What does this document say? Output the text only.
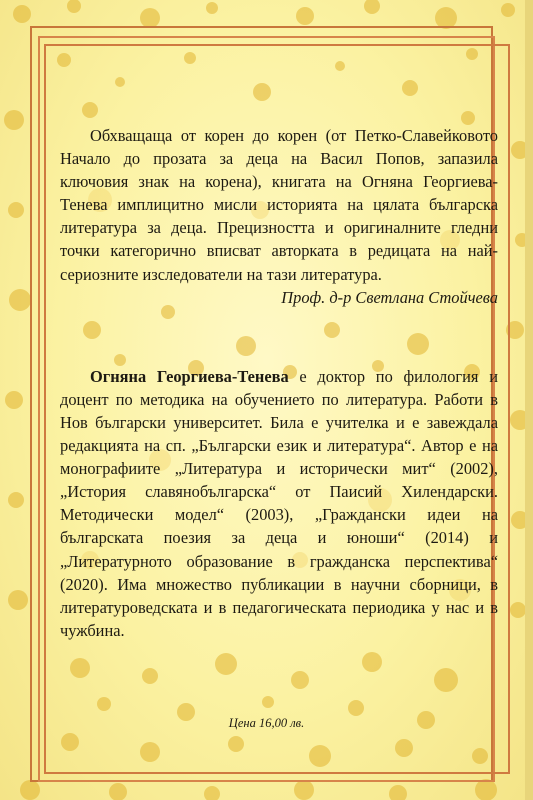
Обхващаща от корен до корен (от Петко-Славейковото Начало до прозата за деца на Васил Попов, запазила ключовия знак на корена), книгата на Огняна Георгиева-Тенева имплицитно мисли историята на цялата българска литература за деца. Прецизността и оригиналните гледни точки категорично вписват авторката в редицата на най-сериозните изследователи на тази литература.

Проф. д-р Светлана Стойчева

Огняна Георгиева-Тенева е доктор по филология и доцент по методика на обучението по литература. Работи в Нов български университет. Била е учителка и е завеждала редакцията на сп. „Български език и литература“. Автор е на монографиите „Литература и исторически мит“ (2002), „История славянобългарска“ от Паисий Хилендарски. Методически модел“ (2003), „Граждански идеи на българската поезия за деца и юноши“ (2014) и „Литературното образование в гражданска перспектива“ (2020). Има множество публикации в научни сборници, в литературоведската и в педагогическата периодика у нас и в чужбина.

Цена 16,00 лв.
